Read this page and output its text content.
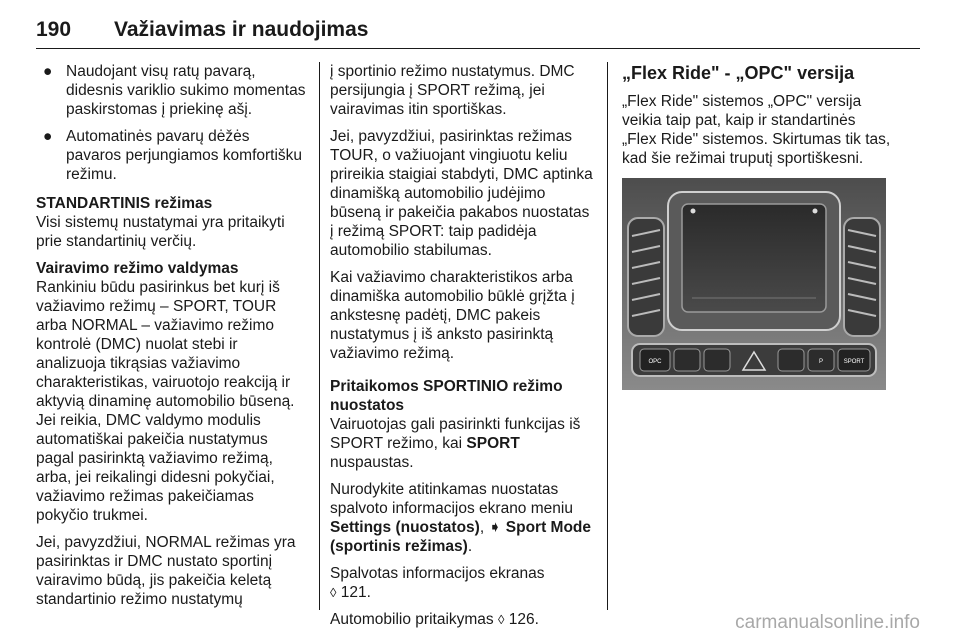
190 Važiavimas ir naudojimas
● Naudojant visų ratų pavarą, didesnis variklio sukimo momentas paskirstomas į priekinę ašį.
● Automatinės pavarų dėžės pavaros perjungiamos komfortišku režimu.

STANDARTINIS režimas
Visi sistemų nustatymai yra pritaikyti prie standartinių verčių.

Vairavimo režimo valdymas
Rankiniu būdu pasirinkus bet kurį iš važiavimo režimų – SPORT, TOUR arba NORMAL – važiavimo režimo kontrolė (DMC) nuolat stebi ir analizuoja tikrąsias važiavimo charakteristikas, vairuotojo reakciją ir aktyvią dinaminę automobilio būseną. Jei reikia, DMC valdymo modulis automatiškai pakeičia nustatymus pagal pasirinktą važiavimo režimą, arba, jei reikalingi didesni pokyčiai, važiavimo režimas pakeičiamas pokyčio trukmei.

Jei, pavyzdžiui, NORMAL režimas yra pasirinktas ir DMC nustato sportinį vairavimo būdą, jis pakeičia keletą standartinio režimo nustatymų

į sportinio režimo nustatymus. DMC persijungia į SPORT režimą, jei vairavimas itin sportiškas.

Jei, pavyzdžiui, pasirinktas režimas TOUR, o važiuojant vingiuotu keliu prireikia staigiai stabdyti, DMC aptinka dinamišką automobilio judėjimo būseną ir pakeičia pakabos nuostatas į režimą SPORT: taip padidėja automobilio stabilumas.

Kai važiavimo charakteristikos arba dinamiška automobilio būklė grįžta į ankstesnę padėtį, DMC pakeis nustatymus į iš anksto pasirinktą važiavimo režimą.

Pritaikomos SPORTINIO režimo nuostatos
Vairuotojas gali pasirinkti funkcijas iš SPORT režimo, kai SPORT nuspaustas.

Nurodykite atitinkamas nuostatas spalvoto informacijos ekrano meniu Settings (nuostatos), ➧ Sport Mode (sportinis režimas).

Spalvotas informacijos ekranas
◊ 121.

Automobilio pritaikymas ◊ 126.

„Flex Ride" - „OPC" versija

„Flex Ride" sistemos „OPC" versija veikia taip pat, kaip ir standartinės „Flex Ride" sistemos. Skirtumas tik tas, kad šie režimai truputį sportiškesni.

OPC	P	SPORT
carmanualsonline.info
